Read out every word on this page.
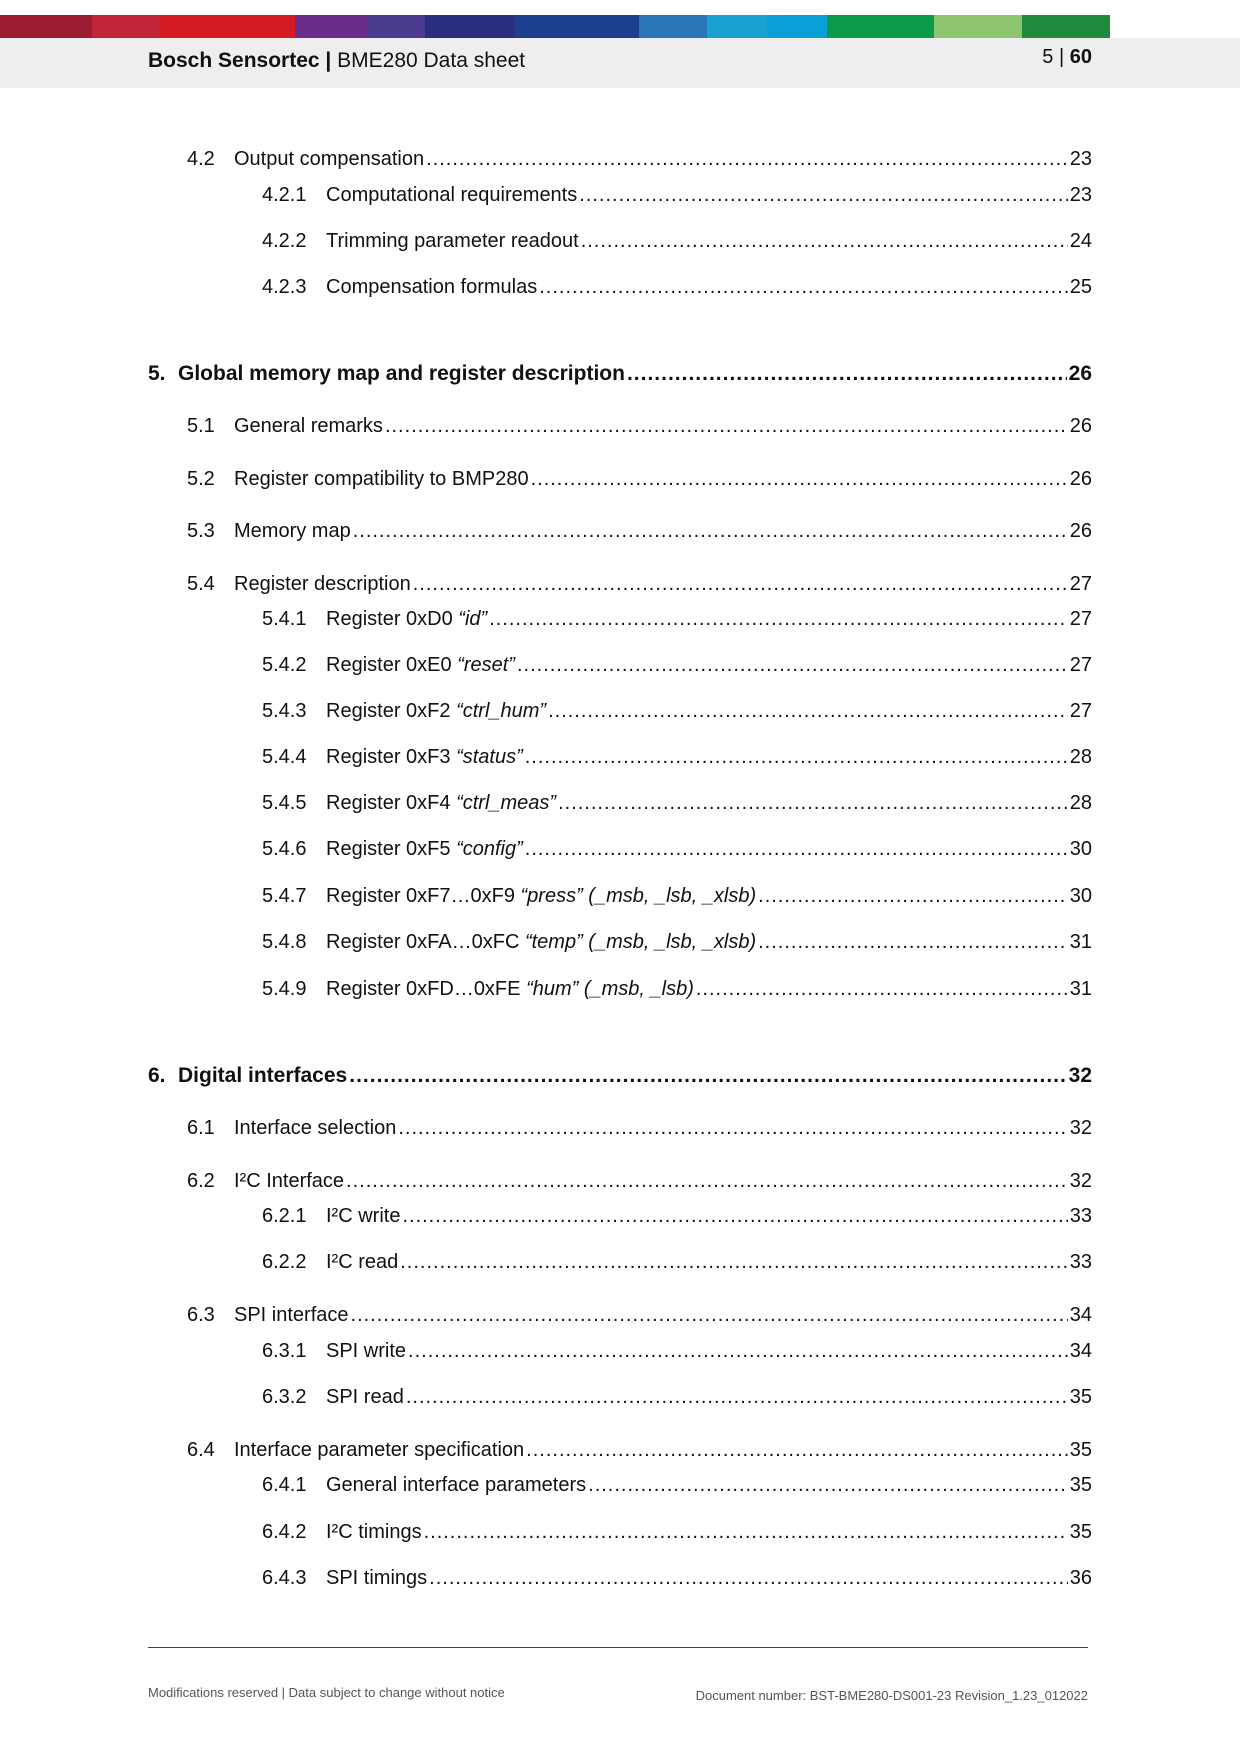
Bosch Sensortec | BME280 Data sheet	5 | 60
4.2 Output compensation .....	23
4.2.1 Computational requirements .....	23
4.2.2 Trimming parameter readout .....	24
4.2.3 Compensation formulas .....	25
5. Global memory map and register description .....	26
5.1 General remarks .....	26
5.2 Register compatibility to BMP280 .....	26
5.3 Memory map .....	26
5.4 Register description .....	27
5.4.1 Register 0xD0 “id” .....	27
5.4.2 Register 0xE0 “reset” .....	27
5.4.3 Register 0xF2 “ctrl_hum” .....	27
5.4.4 Register 0xF3 “status” .....	28
5.4.5 Register 0xF4 “ctrl_meas” .....	28
5.4.6 Register 0xF5 “config” .....	30
5.4.7 Register 0xF7…0xF9 “press” (_msb, _lsb, _xlsb) .....	30
5.4.8 Register 0xFA…0xFC “temp” (_msb, _lsb, _xlsb) .....	31
5.4.9 Register 0xFD…0xFE “hum” (_msb, _lsb) .....	31
6. Digital interfaces .....	32
6.1 Interface selection .....	32
6.2 I²C Interface .....	32
6.2.1 I²C write .....	33
6.2.2 I²C read .....	33
6.3 SPI interface .....	34
6.3.1 SPI write .....	34
6.3.2 SPI read .....	35
6.4 Interface parameter specification .....	35
6.4.1 General interface parameters .....	35
6.4.2 I²C timings .....	35
6.4.3 SPI timings .....	36
Modifications reserved | Data subject to change without notice	Document number: BST-BME280-DS001-23 Revision_1.23_012022
